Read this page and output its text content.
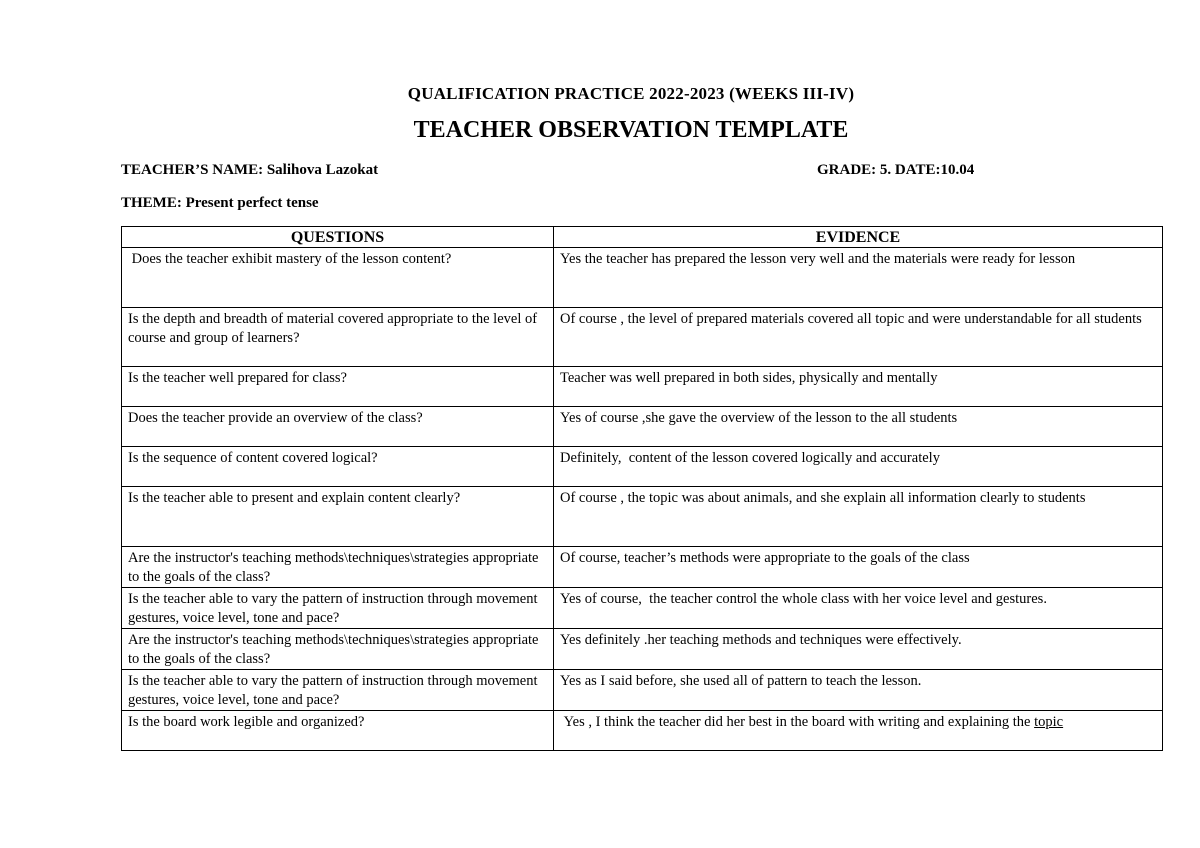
QUALIFICATION PRACTICE 2022-2023 (WEEKS III-IV)
TEACHER OBSERVATION TEMPLATE
TEACHER’S NAME: Salihova Lazokat	GRADE: 5. DATE:10.04
THEME: Present perfect tense
QUESTIONS	EVIDENCE
Does the teacher exhibit mastery of the lesson content?	Yes the teacher has prepared the lesson very well and the materials were ready for lesson
Is the depth and breadth of material covered appropriate to the level of course and group of learners?	Of course , the level of prepared materials covered all topic and were understandable for all students
Is the teacher well prepared for class?	Teacher was well prepared in both sides, physically and mentally
Does the teacher provide an overview of the class?	Yes of course ,she gave the overview of the lesson to the all students
Is the sequence of content covered logical?	Definitely,  content of the lesson covered logically and accurately
Is the teacher able to present and explain content clearly?	Of course , the topic was about animals, and she explain all information clearly to students
Are the instructor's teaching methods\techniques\strategies appropriate to the goals of the class?	Of course, teacher’s methods were appropriate to the goals of the class
Is the teacher able to vary the pattern of instruction through movement gestures, voice level, tone and pace?	Yes of course,  the teacher control the whole class with her voice level and gestures.
Are the instructor's teaching methods\techniques\strategies appropriate to the goals of the class?	Yes definitely .her teaching methods and techniques were effectively.
Is the teacher able to vary the pattern of instruction through movement gestures, voice level, tone and pace?	Yes as I said before, she used all of pattern to teach the lesson.
Is the board work legible and organized?	Yes , I think the teacher did her best in the board with writing and explaining the topic
